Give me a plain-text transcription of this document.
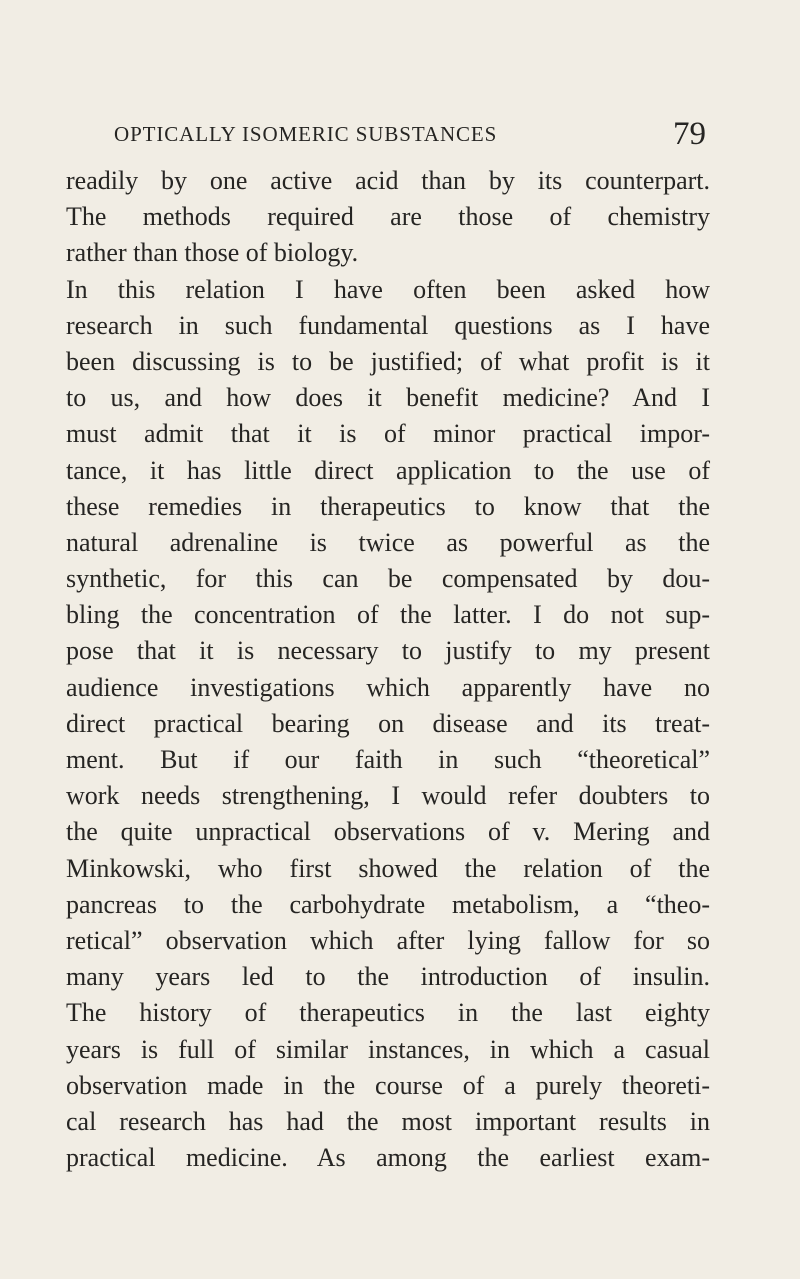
OPTICALLY ISOMERIC SUBSTANCES	79
readily by one active acid than by its counterpart.
The methods required are those of chemistry
rather than those of biology.
In this relation I have often been asked how
research in such fundamental questions as I have
been discussing is to be justified; of what profit is it
to us, and how does it benefit medicine? And I
must admit that it is of minor practical impor-
tance, it has little direct application to the use of
these remedies in therapeutics to know that the
natural adrenaline is twice as powerful as the
synthetic, for this can be compensated by dou-
bling the concentration of the latter. I do not sup-
pose that it is necessary to justify to my present
audience investigations which apparently have no
direct practical bearing on disease and its treat-
ment. But if our faith in such “theoretical”
work needs strengthening, I would refer doubters to
the quite unpractical observations of v. Mering and
Minkowski, who first showed the relation of the
pancreas to the carbohydrate metabolism, a “theo-
retical” observation which after lying fallow for so
many years led to the introduction of insulin.
The history of therapeutics in the last eighty
years is full of similar instances, in which a casual
observation made in the course of a purely theoreti-
cal research has had the most important results in
practical medicine. As among the earliest exam-
